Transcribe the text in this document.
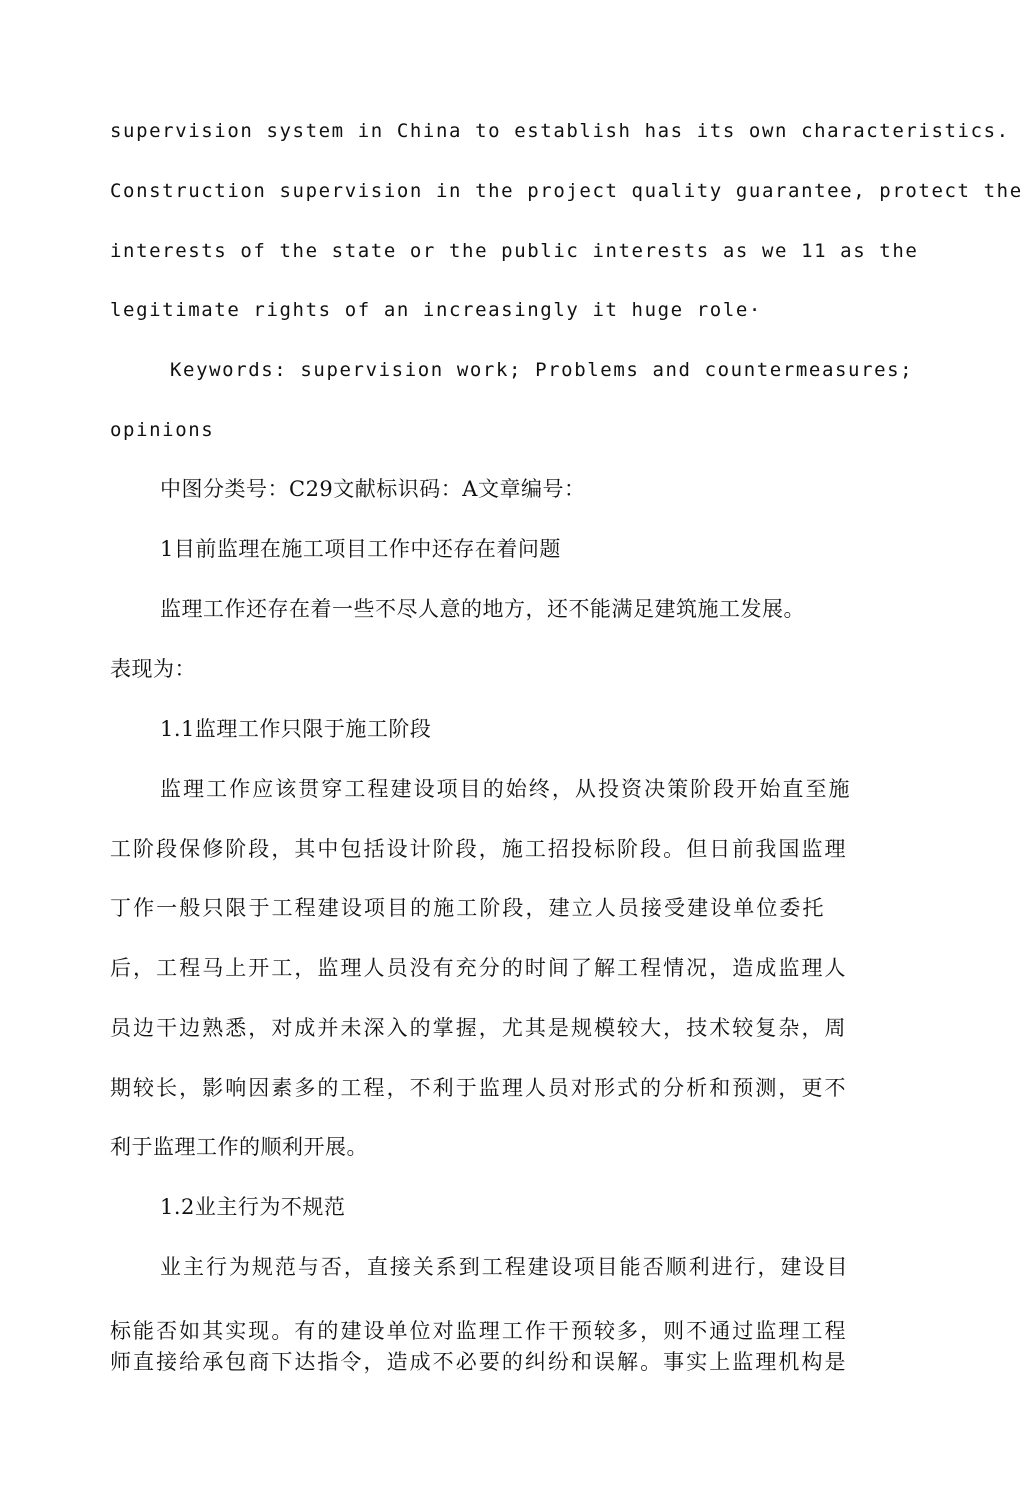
supervision system in China to establish has its own characteristics.
Construction supervision in the project quality guarantee, protect the
interests of the state or the public interests as we 11 as the
legitimate rights of an increasingly it huge role·
Keywords: supervision work; Problems and countermeasures;
opinions
中图分类号：C29文献标识码：A文章编号：
1目前监理在施工项目工作中还存在着问题
监理工作还存在着一些不尽人意的地方，还不能满足建筑施工发展。
表现为：
1.1监理工作只限于施工阶段
监理工作应该贯穿工程建设项目的始终，从投资决策阶段开始直至施
工阶段保修阶段，其中包括设计阶段，施工招投标阶段。但日前我国监理
丁作一般只限于工程建设项目的施工阶段，建立人员接受建设单位委托
后，工程马上开工，监理人员没有充分的时间了解工程情况，造成监理人
员边干边熟悉，对成并未深入的掌握，尤其是规模较大，技术较复杂，周
期较长，影响因素多的工程，不利于监理人员对形式的分析和预测，更不
利于监理工作的顺利开展。
1.2业主行为不规范
业主行为规范与否，直接关系到工程建设项目能否顺利进行，建设目
标能否如其实现。有的建设单位对监理工作干预较多，则不通过监理工程
师直接给承包商下达指令，造成不必要的纠纷和误解。事实上监理机构是
